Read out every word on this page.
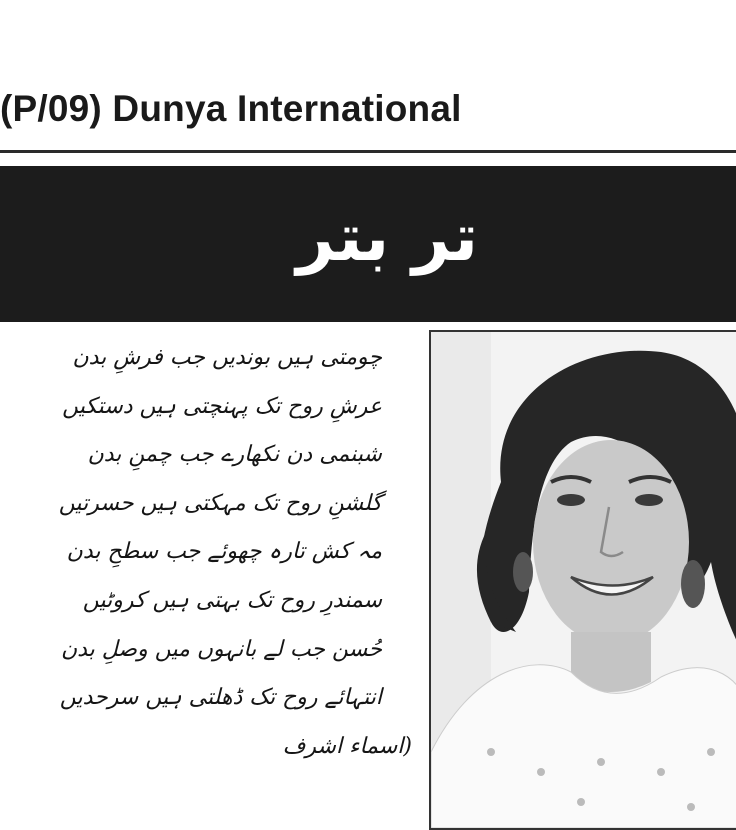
(P/09) Dunya International
تر بتر
چومتی ہیں بوندیں جب فرشِ بدن
عرشِ روح تک پہنچتی ہیں دستکیں
شبنمی دن نکھارے جب چمنِ بدن
گلشنِ روح تک مہکتی ہیں حسرتیں
مہ کش تارہ چھوئے جب سطحِ بدن
سمندرِ روح تک بہتی ہیں کروٹیں
حُسن جب لے بانہوں میں وصلِ بدن
انتہائے روح تک ڈھلتی ہیں سرحدیں
(اسماء اشرف
